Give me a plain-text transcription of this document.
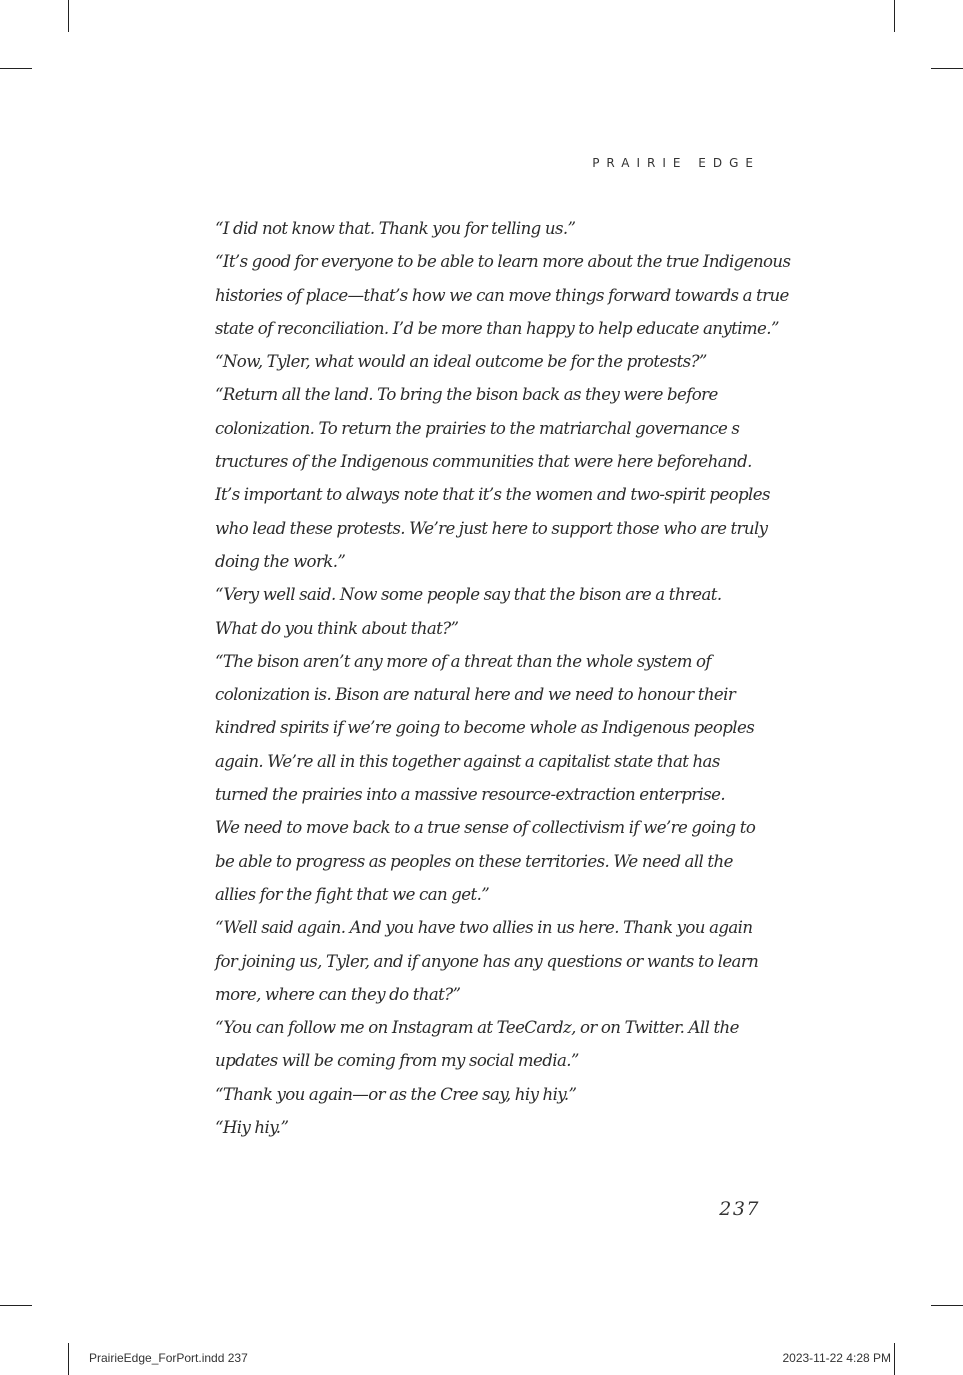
PRAIRIE EDGE
“I did not know that. Thank you for telling us.”
“It’s good for everyone to be able to learn more about the true Indigenous
histories of place—that’s how we can move things forward towards a true
state of reconciliation. I’d be more than happy to help educate anytime.”
“Now, Tyler, what would an ideal outcome be for the protests?”
“Return all the land. To bring the bison back as they were before
colonization. To return the prairies to the matriarchal governance s
tructures of the Indigenous communities that were here beforehand.
It’s important to always note that it’s the women and two-spirit peoples
who lead these protests. We’re just here to support those who are truly
doing the work.”
“Very well said. Now some people say that the bison are a threat.
What do you think about that?”
“The bison aren’t any more of a threat than the whole system of
colonization is. Bison are natural here and we need to honour their
kindred spirits if we’re going to become whole as Indigenous peoples
again. We’re all in this together against a capitalist state that has
turned the prairies into a massive resource-extraction enterprise.
We need to move back to a true sense of collectivism if we’re going to
be able to progress as peoples on these territories. We need all the
allies for the fight that we can get.”
“Well said again. And you have two allies in us here. Thank you again
for joining us, Tyler, and if anyone has any questions or wants to learn
more, where can they do that?”
“You can follow me on Instagram at TeeCardz, or on Twitter. All the
updates will be coming from my social media.”
“Thank you again—or as the Cree say, hiy hiy.”
“Hiy hiy.”
237
PrairieEdge_ForPort.indd 237	2023-11-22 4:28 PM
